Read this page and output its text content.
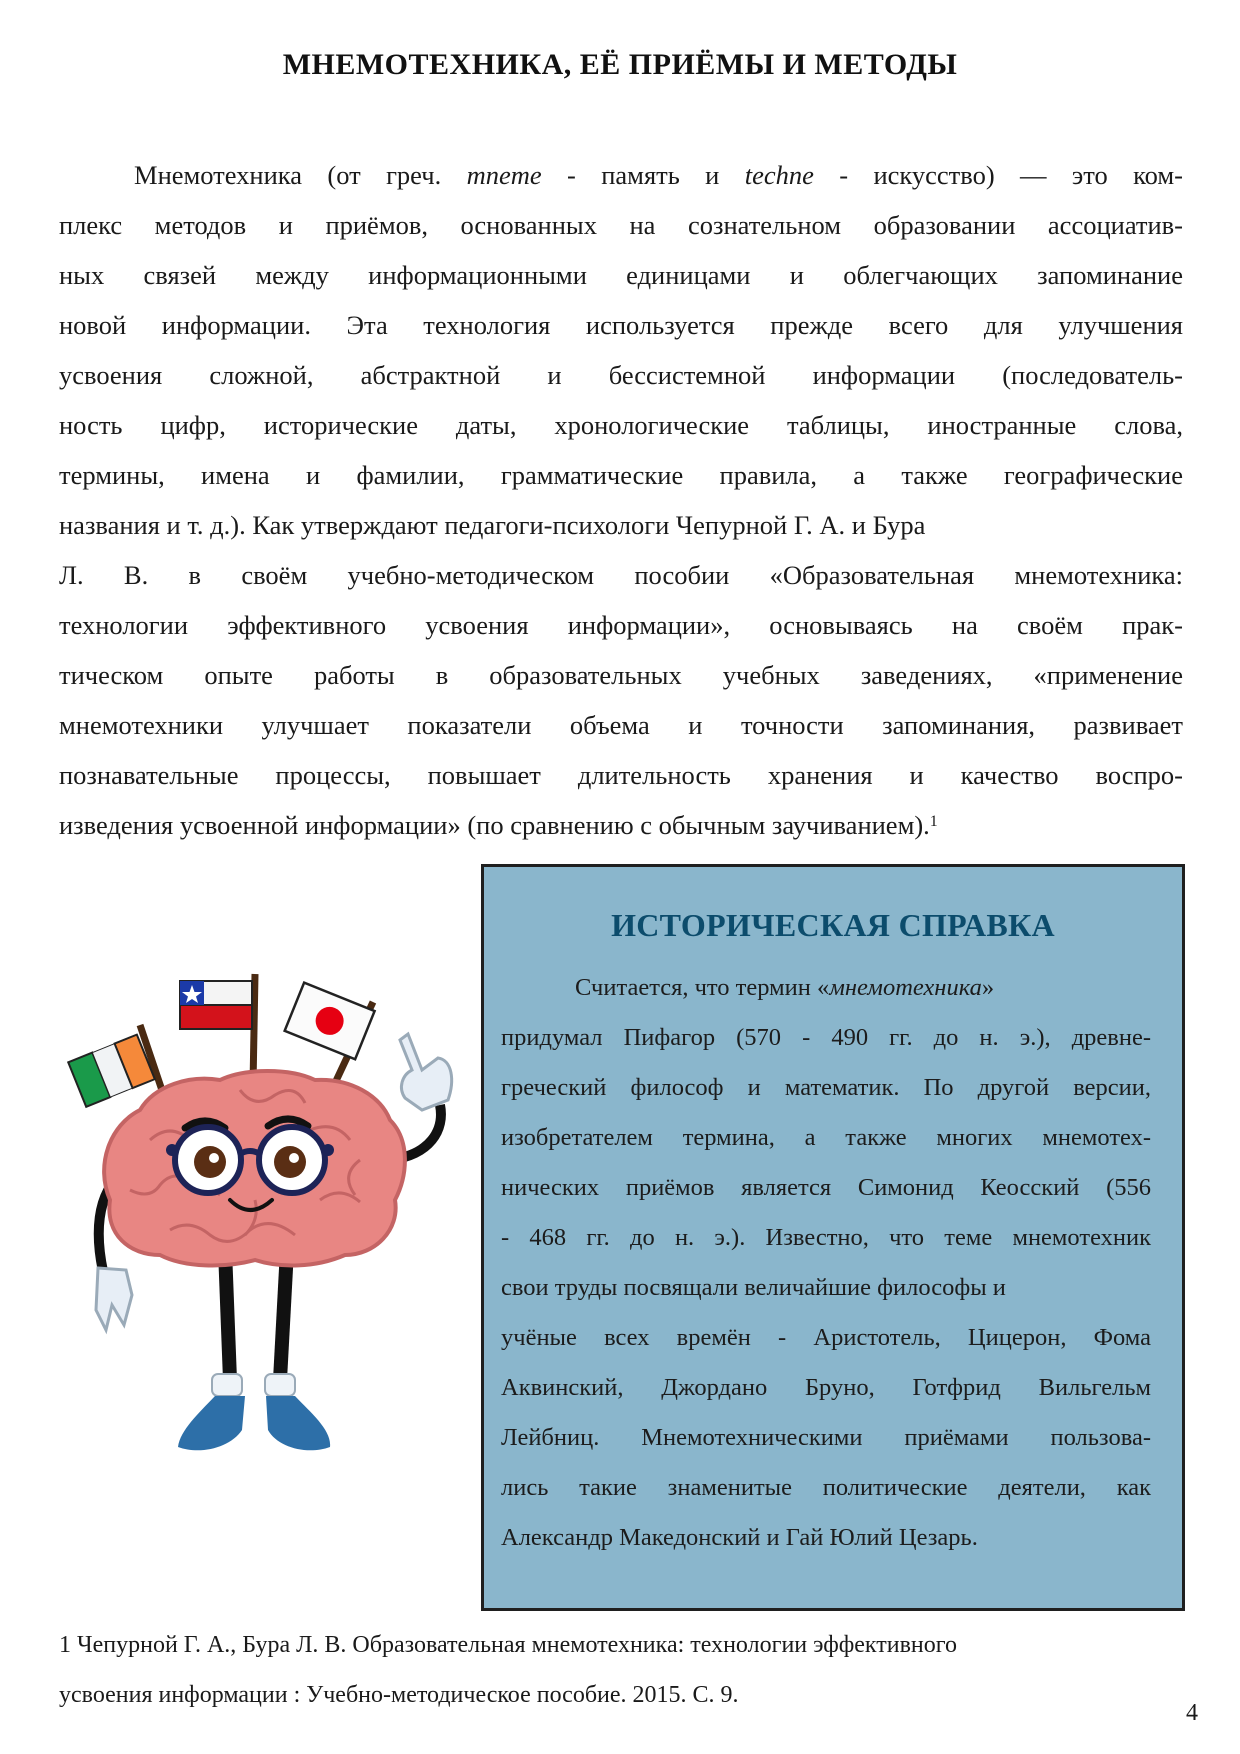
МНЕМОТЕХНИКА, ЕЁ ПРИЁМЫ И МЕТОДЫ
Мнемотехника (от греч. mneme - память и techne - искусство) — это ком-
плекс методов и приёмов, основанных на сознательном образовании ассоциатив-
ных связей между информационными единицами и облегчающих запоминание
новой информации. Эта технология используется прежде всего для улучшения
усвоения сложной, абстрактной и бессистемной информации (последователь-
ность цифр, исторические даты, хронологические таблицы, иностранные слова,
термины, имена и фамилии, грамматические правила, а также географические
названия и т. д.). Как утверждают педагоги-психологи Чепурной Г. А. и Бура
Л. В. в своём учебно-методическом пособии «Образовательная мнемотехника:
технологии эффективного усвоения информации», основываясь на своём прак-
тическом опыте работы в образовательных учебных заведениях, «применение
мнемотехники улучшает показатели объема и точности запоминания, развивает
познавательные процессы, повышает длительность хранения и качество воспро-
изведения усвоенной информации» (по сравнению с обычным заучиванием).$^1$
ИСТОРИЧЕСКАЯ СПРАВКА
Считается, что термин «мнемотехника»
придумал Пифагор (570 - 490 гг. до н. э.), древне-
греческий философ и математик. По другой версии,
изобретателем термина, а также многих мнемотех-
нических приёмов является Симонид Кеосский (556
- 468 гг. до н. э.). Известно, что теме мнемотехник
свои труды посвящали величайшие философы и
учёные всех времён - Аристотель, Цицерон, Фома
Аквинский, Джордано Бруно, Готфрид Вильгельм
Лейбниц. Мнемотехническими приёмами пользова-
лись такие знаменитые политические деятели, как
Александр Македонский и Гай Юлий Цезарь.
1 Чепурной Г. А., Бура Л. В. Образовательная мнемотехника: технологии эффективного
усвоения информации : Учебно-методическое пособие. 2015. С. 9.
4
